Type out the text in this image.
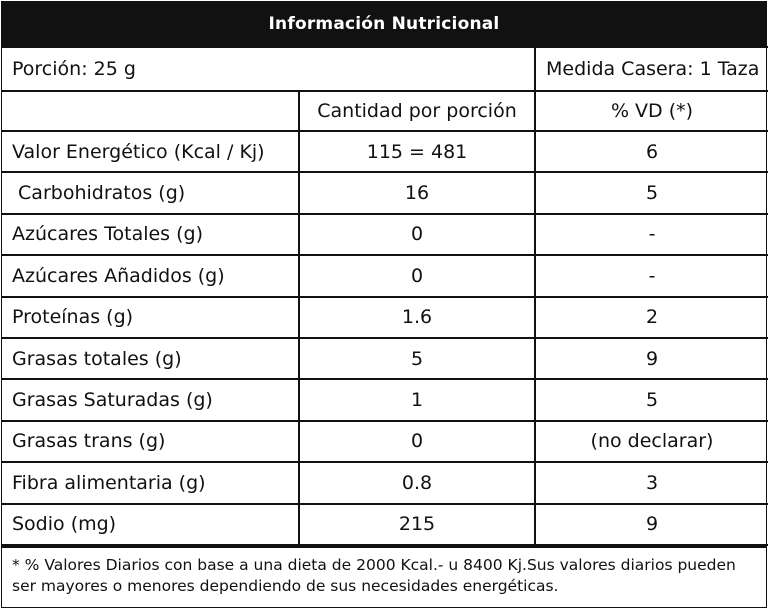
Información Nutricional
Porción: 25 g		Medida Casera: 1 Taza
	Cantidad por porción	% VD (*)
Valor Energético (Kcal / Kj)	115 = 481	6
Carbohidratos (g)	16	5
Azúcares Totales (g)	0	-
Azúcares Añadidos (g)	0	-
Proteínas (g)	1.6	2
Grasas totales (g)	5	9
Grasas Saturadas (g)	1	5
Grasas trans (g)	0	(no declarar)
Fibra alimentaria (g)	0.8	3
Sodio (mg)	215	9
* % Valores Diarios con base a una dieta de 2000 Kcal.- u 8400 Kj.Sus valores diarios pueden ser mayores o menores dependiendo de sus necesidades energéticas.
